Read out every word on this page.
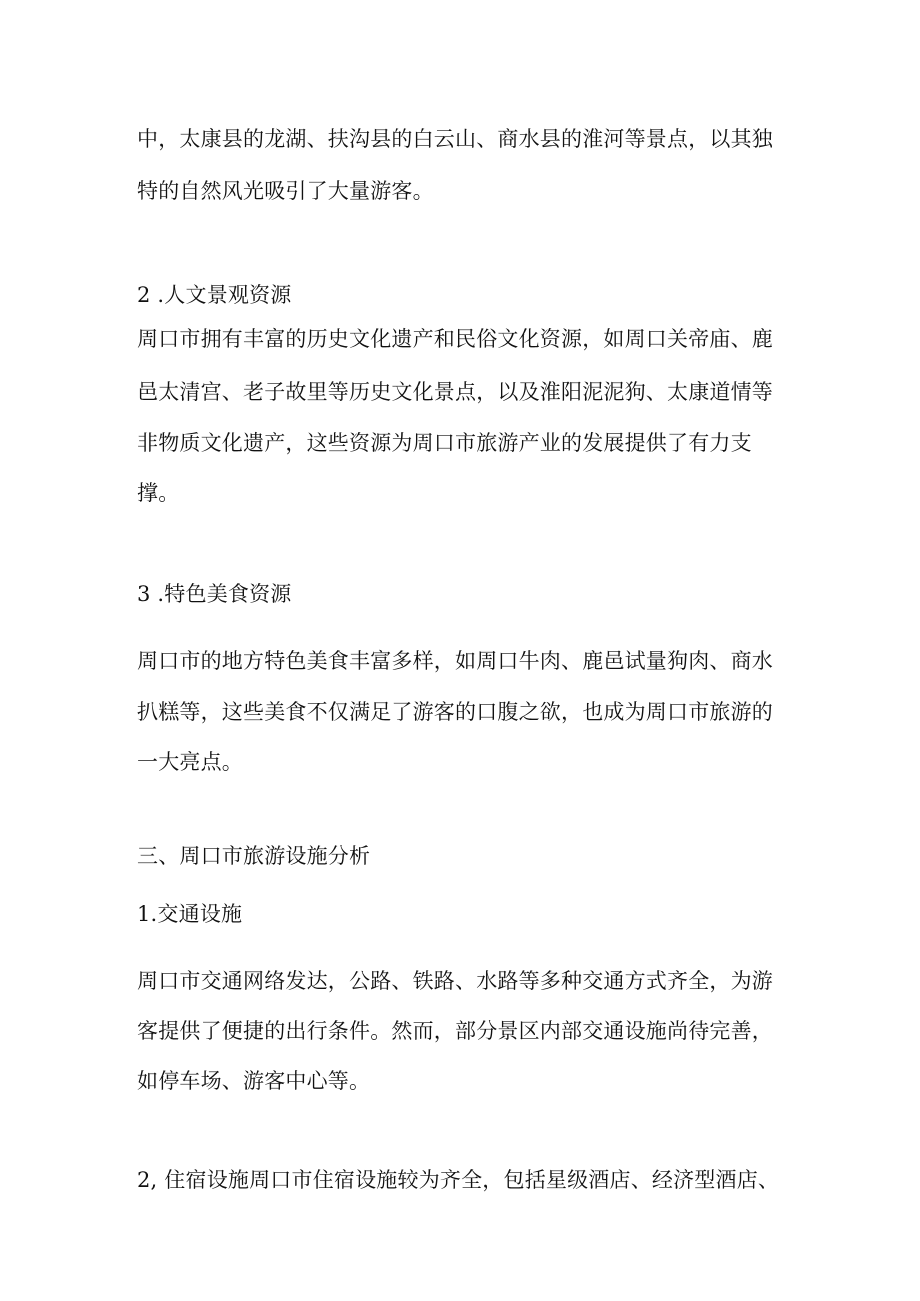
中，太康县的龙湖、扶沟县的白云山、商水县的淮河等景点，以其独
特的自然风光吸引了大量游客。
2 .人文景观资源
周口市拥有丰富的历史文化遗产和民俗文化资源，如周口关帝庙、鹿
邑太清宫、老子故里等历史文化景点，以及淮阳泥泥狗、太康道情等
非物质文化遗产，这些资源为周口市旅游产业的发展提供了有力支
撑。
3 .特色美食资源
周口市的地方特色美食丰富多样，如周口牛肉、鹿邑试量狗肉、商水
扒糕等，这些美食不仅满足了游客的口腹之欲，也成为周口市旅游的
一大亮点。
三、周口市旅游设施分析
1.交通设施
周口市交通网络发达，公路、铁路、水路等多种交通方式齐全，为游
客提供了便捷的出行条件。然而，部分景区内部交通设施尚待完善，
如停车场、游客中心等。
2, 住宿设施周口市住宿设施较为齐全，包括星级酒店、经济型酒店、
